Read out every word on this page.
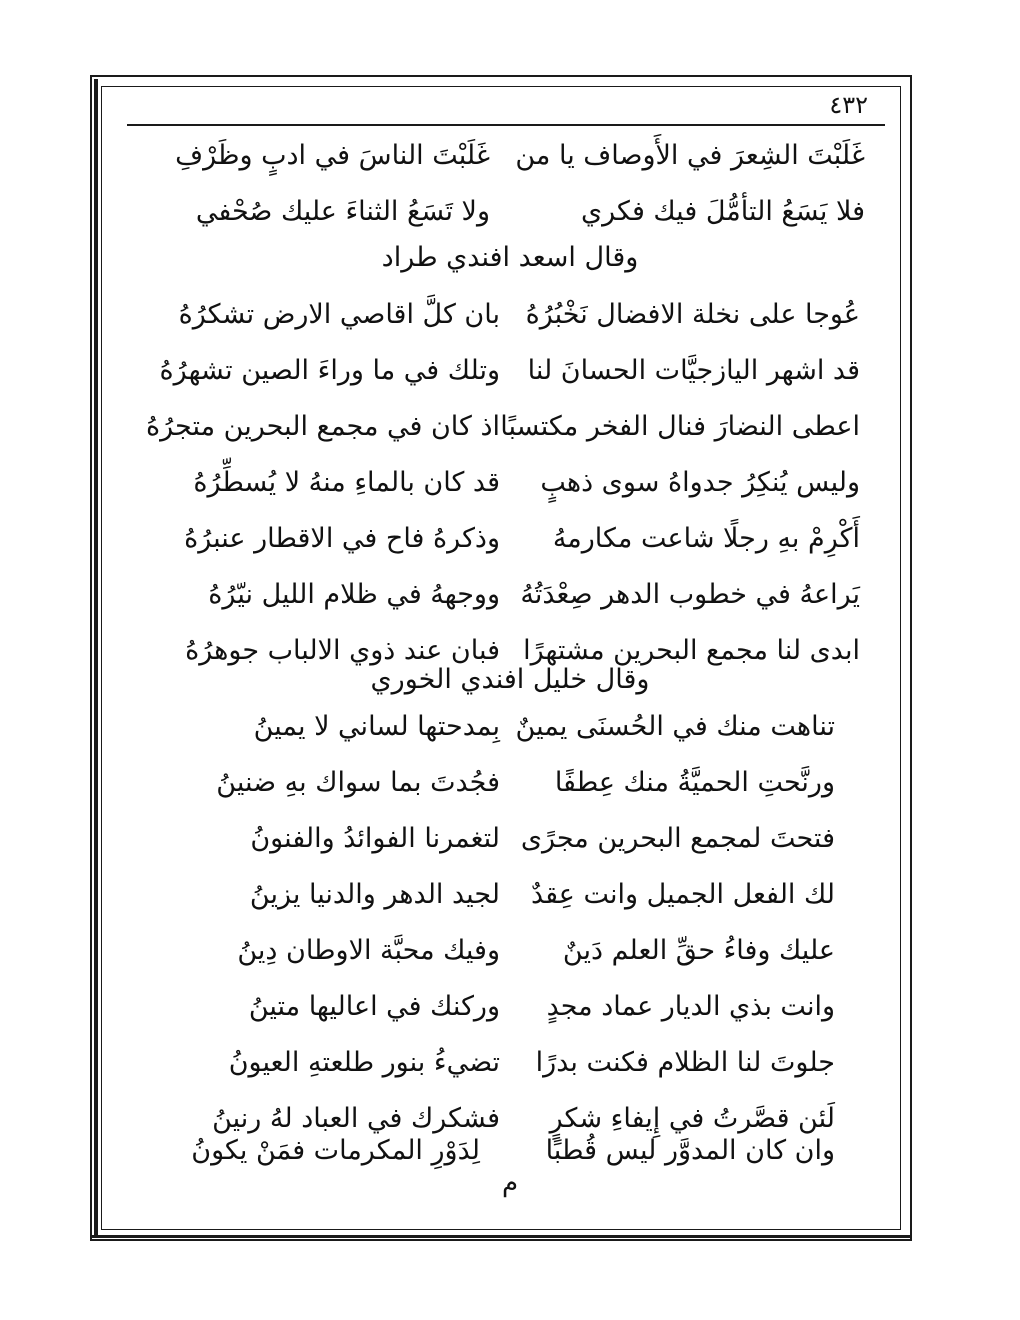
٤٣٢
غَلَبْتَ الشِعرَ في الأَوصاف يا من
غَلَبْتَ الناسَ في ادبٍ وظَرْفِ
فلا يَسَعُ التأمُّلَ فيك فكري
ولا تَسَعُ الثناءَ عليك صُحْفي
وقال اسعد افندي طراد
عُوجا على نخلة الافضال نَخْبُرُهُ
بان كلَّ اقاصي الارض تشكرُهُ
قد اشهر اليازجيَّات الحسانَ لنا
وتلك في ما وراءَ الصين تشهرُهُ
اعطى النضارَ فنال الفخر مكتسبًا
اذ كان في مجمع البحرين متجرُهُ
وليس يُنكِرُ جدواهُ سوى ذهبٍ
قد كان بالماءِ منهُ لا يُسطِّرُهُ
أَكْرِمْ بهِ رجلًا شاعت مكارمهُ
وذكرهُ فاح في الاقطار عنبرُهُ
يَراعهُ في خطوب الدهر صِعْدَتُهُ
ووجههُ في ظلام الليل نيّرُهُ
ابدى لنا مجمع البحرين مشتهرًا
فبان عند ذوي الالباب جوهرُهُ
وقال خليل افندي الخوري
تناهت منك في الحُسنَى يمينٌ
بِمدحتها لساني لا يمينُ
ورنَّحتِ الحميَّةُ منك عِطفًا
فجُدتَ بما سواك بهِ ضنينُ
فتحتَ لمجمع البحرين مجرًى
لتغمرنا الفوائدُ والفنونُ
لك الفعل الجميل وانت عِقدٌ
لجيد الدهر والدنيا يزينُ
عليك وفاءُ حقِّ العلم دَينٌ
وفيك محبَّة الاوطان دِينُ
وانت بذي الديار عماد مجدٍ
وركنك في اعاليها متينُ
جلوتَ لنا الظلام فكنت بدرًا
تضيءُ بنور طلعتهِ العيونُ
لَئن قصَّرتُ في إِيفاءِ شكرٍ
فشكرك في العباد لهُ رنينُ
وان كان المدوَّر ليس قُطبًا
لِدَوْرِ المكرمات فمَنْ يكونُ
م
